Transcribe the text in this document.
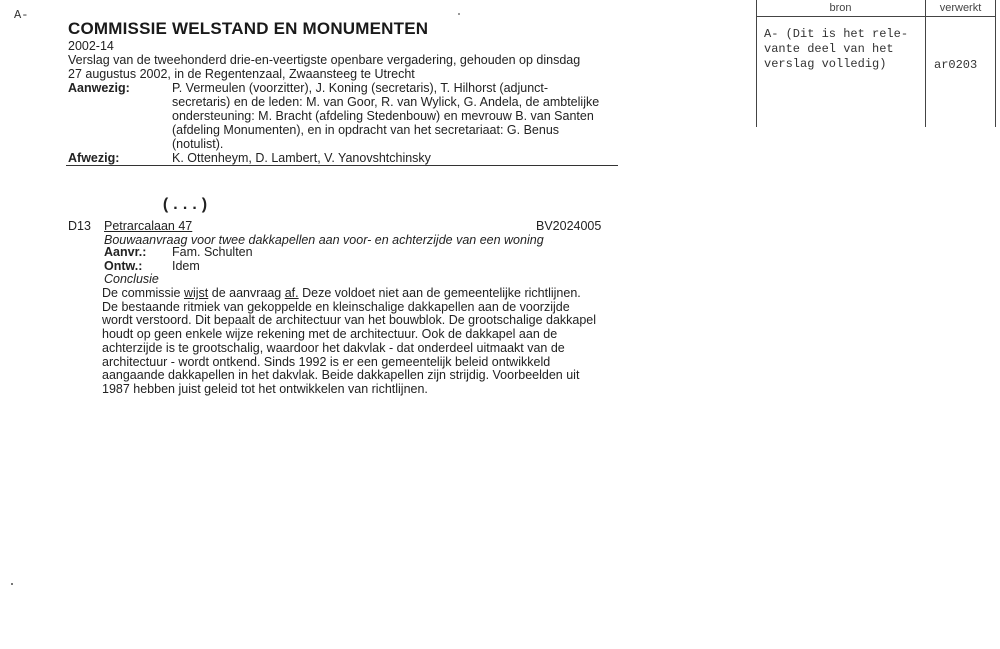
A-
COMMISSIE WELSTAND EN MONUMENTEN
2002-14
Verslag van de tweehonderd drie-en-veertigste openbare vergadering, gehouden op dinsdag
27 augustus 2002, in de Regentenzaal, Zwaansteeg te Utrecht
Aanwezig:	P. Vermeulen (voorzitter), J. Koning (secretaris), T. Hilhorst (adjunct-
secretaris) en de leden: M. van Goor, R. van Wylick, G. Andela, de ambtelijke
ondersteuning: M. Bracht (afdeling Stedenbouw) en mevrouw B. van Santen
(afdeling Monumenten), en in opdracht van het secretariaat: G. Benus
(notulist).
Afwezig:	K. Ottenheym, D. Lambert, V. Yanovshtchinsky
(...)
D13 Petrarcalaan 47	BV2024005
Bouwaanvraag voor twee dakkapellen aan voor- en achterzijde van een woning
Aanvr.: Fam. Schulten
Ontw.: Idem
Conclusie
De commissie wijst de aanvraag af. Deze voldoet niet aan de gemeentelijke richtlijnen.
De bestaande ritmiek van gekoppelde en kleinschalige dakkapellen aan de voorzijde
wordt verstoord. Dit bepaalt de architectuur van het bouwblok. De grootschalige dakkapel
houdt op geen enkele wijze rekening met de architectuur. Ook de dakkapel aan de
achterzijde is te grootschalig, waardoor het dakvlak - dat onderdeel uitmaakt van de
architectuur - wordt ontkend. Sinds 1992 is er een gemeentelijk beleid ontwikkeld
aangaande dakkapellen in het dakvlak. Beide dakkapellen zijn strijdig. Voorbeelden uit
1987 hebben juist geleid tot het ontwikkelen van richtlijnen.
bron	verwerkt
A- (Dit is het rele-
vante deel van het
verslag volledig)	ar0203
